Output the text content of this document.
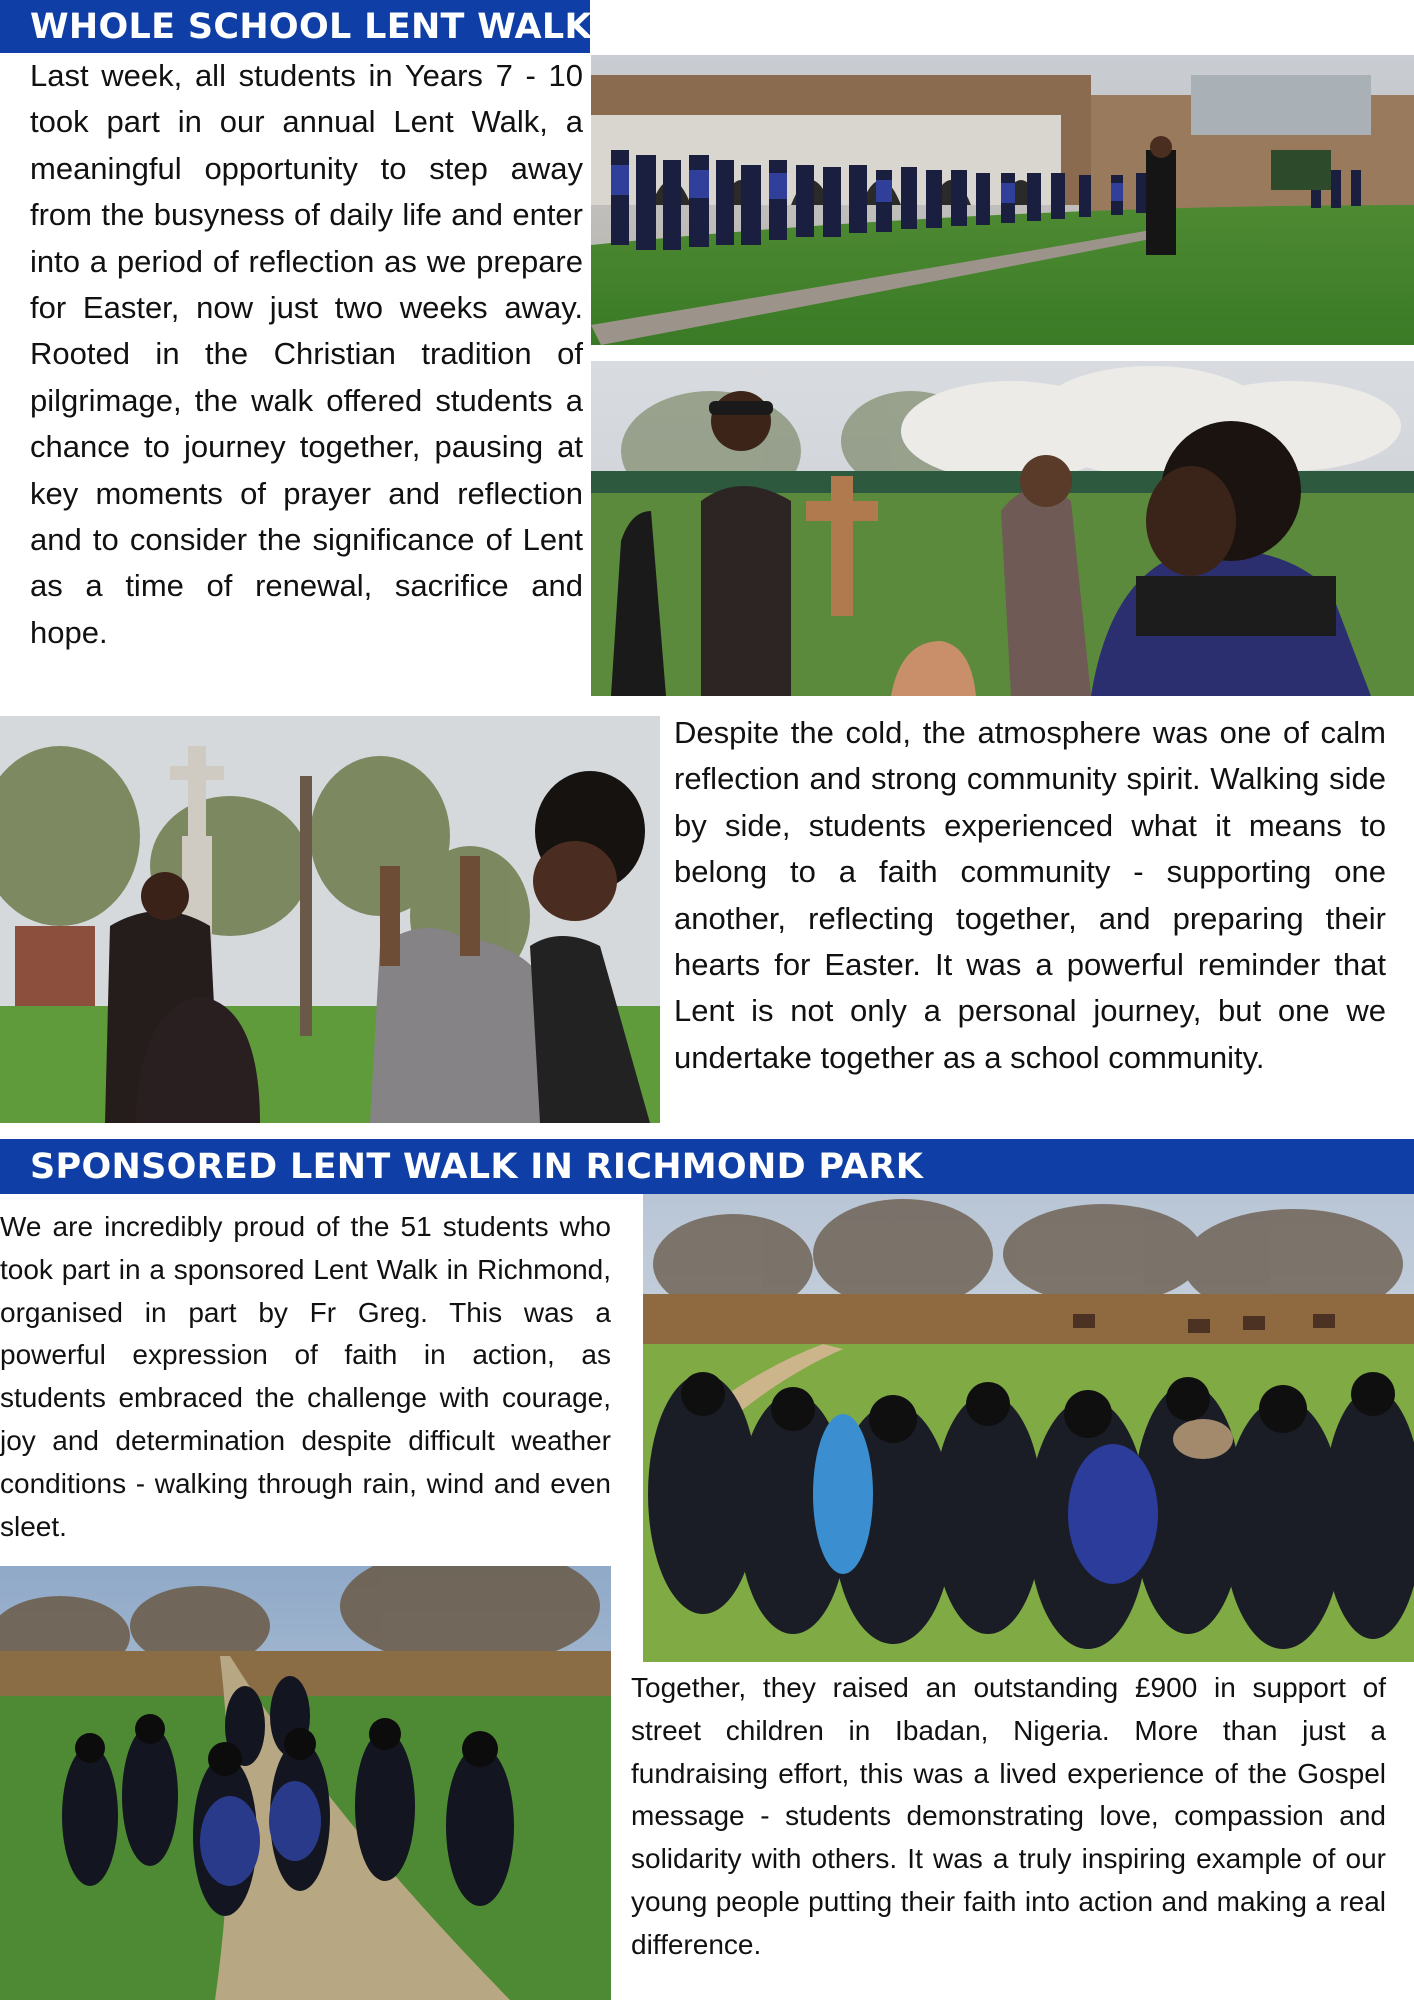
WHOLE SCHOOL LENT WALK

Last week, all students in Years 7 - 10 took part in our annual Lent Walk, a meaningful opportunity to step away from the busyness of daily life and enter into a period of reflection as we prepare for Easter, now just two weeks away. Rooted in the Christian tradition of pilgrimage, the walk offered students a chance to journey together, pausing at key moments of prayer and reflection and to consider the significance of Lent as a time of renewal, sacrifice and hope.

Despite the cold, the atmosphere was one of calm reflection and strong community spirit. Walking side by side, students experienced what it means to belong to a faith community - supporting one another, reflecting together, and preparing their hearts for Easter. It was a powerful reminder that Lent is not only a personal journey, but one we undertake together as a school community.

SPONSORED LENT WALK IN RICHMOND PARK

We are incredibly proud of the 51 students who took part in a sponsored Lent Walk in Richmond, organised in part by Fr Greg. This was a powerful expression of faith in action, as students embraced the challenge with courage, joy and determination despite difficult weather conditions - walking through rain, wind and even sleet.

Together, they raised an outstanding £900 in support of street children in Ibadan, Nigeria. More than just a fundraising effort, this was a lived experience of the Gospel message - students demonstrating love, compassion and solidarity with others. It was a truly inspiring example of our young people putting their faith into action and making a real difference.
